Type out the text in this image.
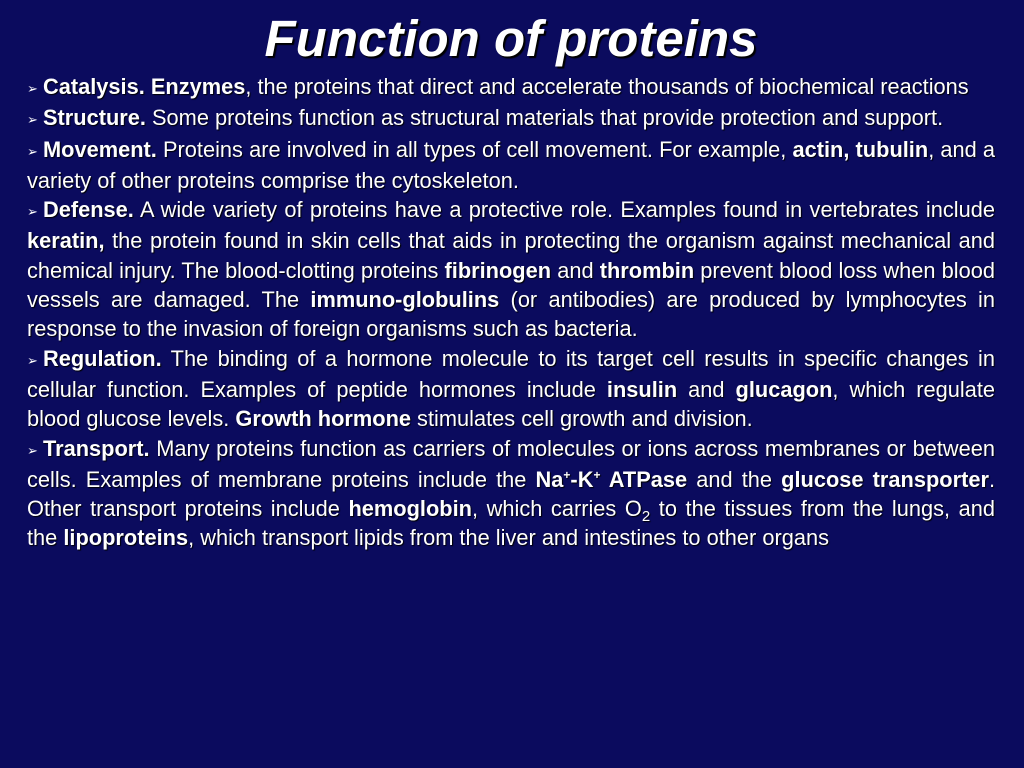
Function of proteins
➢ Catalysis. Enzymes, the proteins that direct and accelerate thousands of biochemical reactions
➢ Structure. Some proteins function as structural materials that provide protection and support.
➢ Movement. Proteins are involved in all types of cell movement. For example, actin, tubulin, and a variety of other proteins comprise the cytoskeleton.
➢ Defense. A wide variety of proteins have a protective role. Examples found in vertebrates include keratin, the protein found in skin cells that aids in protecting the organism against mechanical and chemical injury. The blood-clotting proteins fibrinogen and thrombin prevent blood loss when blood vessels are damaged. The immuno-globulins (or antibodies) are produced by lymphocytes in response to the invasion of foreign organisms such as bacteria.
➢ Regulation. The binding of a hormone molecule to its target cell results in specific changes in cellular function. Examples of peptide hormones include insulin and glucagon, which regulate blood glucose levels. Growth hormone stimulates cell growth and division.
➢ Transport. Many proteins function as carriers of molecules or ions across membranes or between cells. Examples of membrane proteins include the Na+-K+ ATPase and the glucose transporter. Other transport proteins include hemoglobin, which carries $O_2$ to the tissues from the lungs, and the lipoproteins, which transport lipids from the liver and intestines to other organs
